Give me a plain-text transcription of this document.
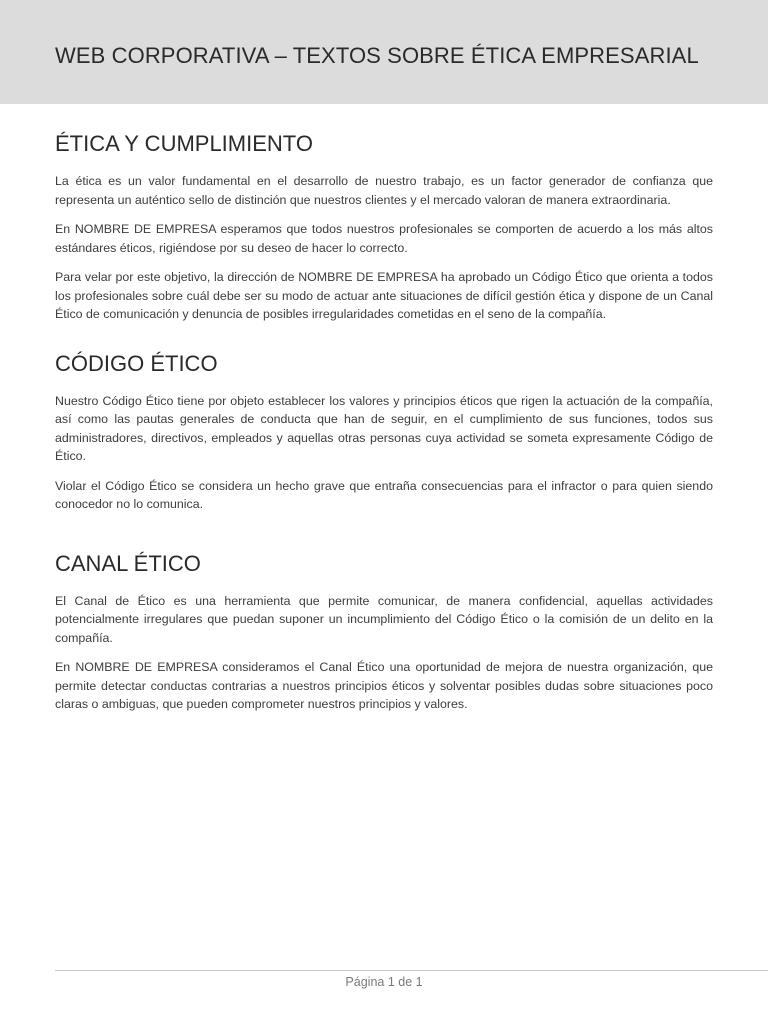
WEB CORPORATIVA – TEXTOS SOBRE ÉTICA EMPRESARIAL
ÉTICA Y CUMPLIMIENTO

La ética es un valor fundamental en el desarrollo de nuestro trabajo, es un factor generador de confianza que representa un auténtico sello de distinción que nuestros clientes y el mercado valoran de manera extraordinaria.

En NOMBRE DE EMPRESA esperamos que todos nuestros profesionales se comporten de acuerdo a los más altos estándares éticos, rigiéndose por su deseo de hacer lo correcto.

Para velar por este objetivo, la dirección de NOMBRE DE EMPRESA ha aprobado un Código Ético que orienta a todos los profesionales sobre cuál debe ser su modo de actuar ante situaciones de difícil gestión ética y dispone de un Canal Ético de comunicación y denuncia de posibles irregularidades cometidas en el seno de la compañía.

CÓDIGO ÉTICO

Nuestro Código Ético tiene por objeto establecer los valores y principios éticos que rigen la actuación de la compañía, así como las pautas generales de conducta que han de seguir, en el cumplimiento de sus funciones, todos sus administradores, directivos, empleados y aquellas otras personas cuya actividad se someta expresamente Código de Ético.

Violar el Código Ético se considera un hecho grave que entraña consecuencias para el infractor o para quien siendo conocedor no lo comunica.

CANAL ÉTICO

El Canal de Ético es una herramienta que permite comunicar, de manera confidencial, aquellas actividades potencialmente irregulares que puedan suponer un incumplimiento del Código Ético o la comisión de un delito en la compañía.

En NOMBRE DE EMPRESA consideramos el Canal Ético una oportunidad de mejora de nuestra organización, que permite detectar conductas contrarias a nuestros principios éticos y solventar posibles dudas sobre situaciones poco claras o ambiguas, que pueden comprometer nuestros principios y valores.

Página 1 de 1
